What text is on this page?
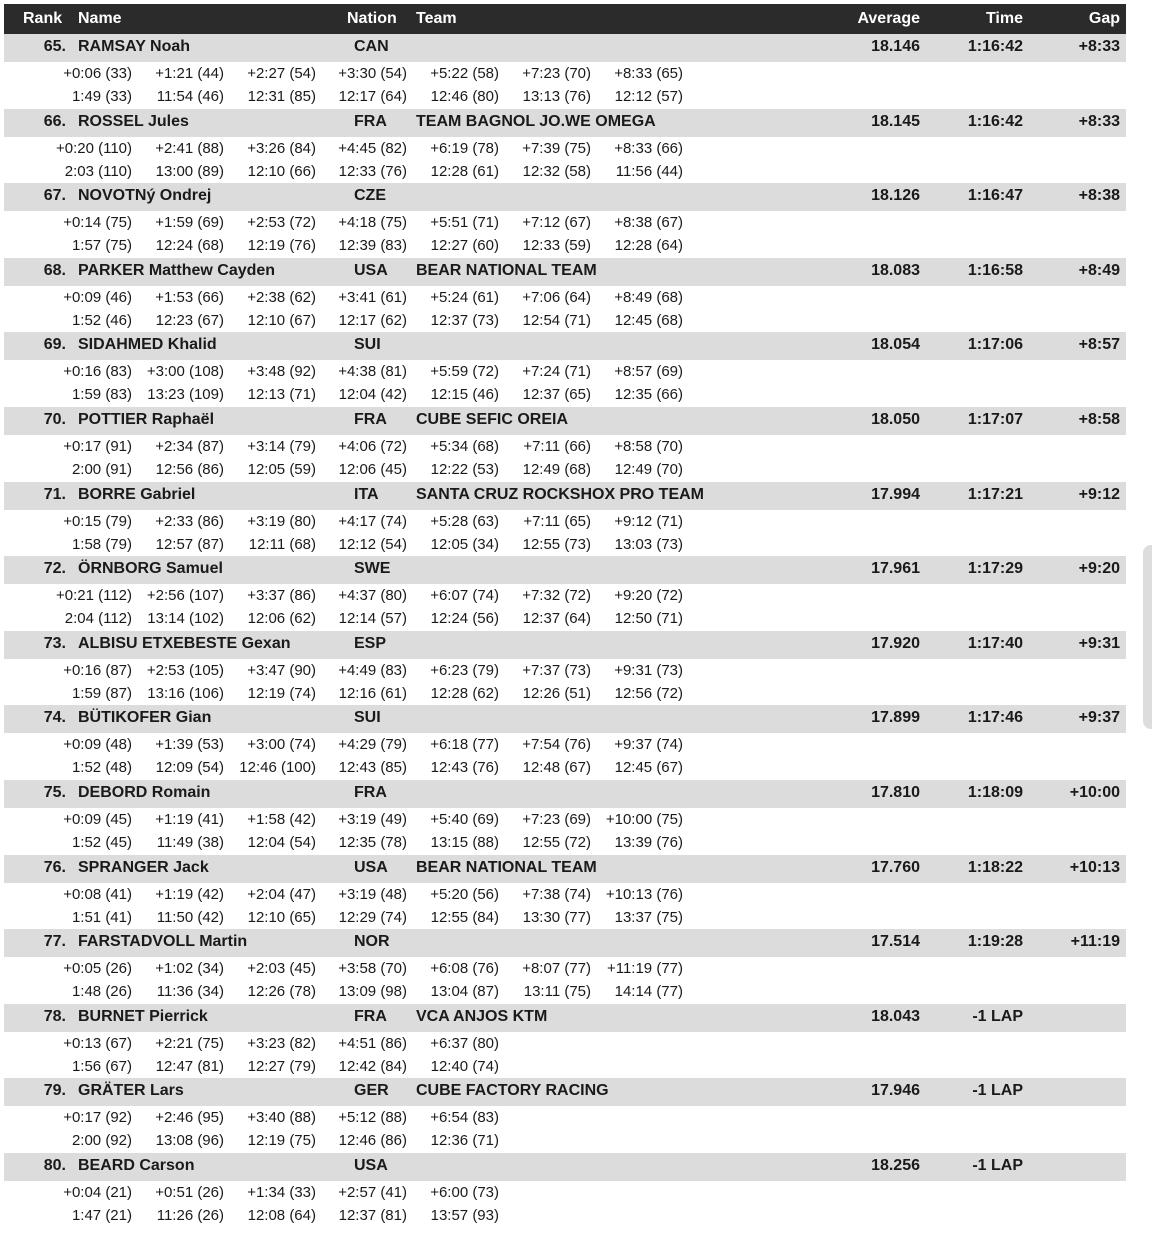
Rank Name	Nation Team	Average	Time	Gap
65. RAMSAY Noah	CAN	18.146	1:16:42	+8:33
+0:06 (33)	+1:21 (44)	+2:27 (54)	+3:30 (54)	+5:22 (58)	+7:23 (70)	+8:33 (65)
1:49 (33)	11:54 (46)	12:31 (85)	12:17 (64)	12:46 (80)	13:13 (76)	12:12 (57)
66. ROSSEL Jules	FRA TEAM BAGNOL JO.WE OMEGA	18.145	1:16:42	+8:33
+0:20 (110)	+2:41 (88)	+3:26 (84)	+4:45 (82)	+6:19 (78)	+7:39 (75)	+8:33 (66)
2:03 (110)	13:00 (89)	12:10 (66)	12:33 (76)	12:28 (61)	12:32 (58)	11:56 (44)
67. NOVOTNý Ondrej	CZE	18.126	1:16:47	+8:38
+0:14 (75)	+1:59 (69)	+2:53 (72)	+4:18 (75)	+5:51 (71)	+7:12 (67)	+8:38 (67)
1:57 (75)	12:24 (68)	12:19 (76)	12:39 (83)	12:27 (60)	12:33 (59)	12:28 (64)
68. PARKER Matthew Cayden	USA BEAR NATIONAL TEAM	18.083	1:16:58	+8:49
+0:09 (46)	+1:53 (66)	+2:38 (62)	+3:41 (61)	+5:24 (61)	+7:06 (64)	+8:49 (68)
1:52 (46)	12:23 (67)	12:10 (67)	12:17 (62)	12:37 (73)	12:54 (71)	12:45 (68)
69. SIDAHMED Khalid	SUI	18.054	1:17:06	+8:57
+0:16 (83) +3:00 (108)	+3:48 (92)	+4:38 (81)	+5:59 (72)	+7:24 (71)	+8:57 (69)
1:59 (83)	13:23 (109)	12:13 (71)	12:04 (42)	12:15 (46)	12:37 (65)	12:35 (66)
70. POTTIER Raphaël	FRA CUBE SEFIC OREIA	18.050	1:17:07	+8:58
+0:17 (91)	+2:34 (87)	+3:14 (79)	+4:06 (72)	+5:34 (68)	+7:11 (66)	+8:58 (70)
2:00 (91)	12:56 (86)	12:05 (59)	12:06 (45)	12:22 (53)	12:49 (68)	12:49 (70)
71. BORRE Gabriel	ITA SANTA CRUZ ROCKSHOX PRO TEAM	17.994	1:17:21	+9:12
+0:15 (79)	+2:33 (86)	+3:19 (80)	+4:17 (74)	+5:28 (63)	+7:11 (65)	+9:12 (71)
1:58 (79)	12:57 (87)	12:11 (68)	12:12 (54)	12:05 (34)	12:55 (73)	13:03 (73)
72. ÖRNBORG Samuel	SWE	17.961	1:17:29	+9:20
+0:21 (112) +2:56 (107)	+3:37 (86)	+4:37 (80)	+6:07 (74)	+7:32 (72)	+9:20 (72)
2:04 (112)	13:14 (102)	12:06 (62)	12:14 (57)	12:24 (56)	12:37 (64)	12:50 (71)
73. ALBISU ETXEBESTE Gexan	ESP	17.920	1:17:40	+9:31
+0:16 (87) +2:53 (105)	+3:47 (90)	+4:49 (83)	+6:23 (79)	+7:37 (73)	+9:31 (73)
1:59 (87)	13:16 (106)	12:19 (74)	12:16 (61)	12:28 (62)	12:26 (51)	12:56 (72)
74. BÜTIKOFER Gian	SUI	17.899	1:17:46	+9:37
+0:09 (48)	+1:39 (53)	+3:00 (74)	+4:29 (79)	+6:18 (77)	+7:54 (76)	+9:37 (74)
1:52 (48)	12:09 (54)	12:46 (100)	12:43 (85)	12:43 (76)	12:48 (67)	12:45 (67)
75. DEBORD Romain	FRA	17.810	1:18:09	+10:00
+0:09 (45)	+1:19 (41)	+1:58 (42)	+3:19 (49)	+5:40 (69)	+7:23 (69) +10:00 (75)
1:52 (45)	11:49 (38)	12:04 (54)	12:35 (78)	13:15 (88)	12:55 (72)	13:39 (76)
76. SPRANGER Jack	USA BEAR NATIONAL TEAM	17.760	1:18:22	+10:13
+0:08 (41)	+1:19 (42)	+2:04 (47)	+3:19 (48)	+5:20 (56)	+7:38 (74) +10:13 (76)
1:51 (41)	11:50 (42)	12:10 (65)	12:29 (74)	12:55 (84)	13:30 (77)	13:37 (75)
77. FARSTADVOLL Martin	NOR	17.514	1:19:28	+11:19
+0:05 (26)	+1:02 (34)	+2:03 (45)	+3:58 (70)	+6:08 (76)	+8:07 (77)	+11:19 (77)
1:48 (26)	11:36 (34)	12:26 (78)	13:09 (98)	13:04 (87)	13:11 (75)	14:14 (77)
78. BURNET Pierrick	FRA VCA ANJOS KTM	18.043	-1 LAP
+0:13 (67)	+2:21 (75)	+3:23 (82)	+4:51 (86)	+6:37 (80)
1:56 (67)	12:47 (81)	12:27 (79)	12:42 (84)	12:40 (74)
79. GRÄTER Lars	GER CUBE FACTORY RACING	17.946	-1 LAP
+0:17 (92)	+2:46 (95)	+3:40 (88)	+5:12 (88)	+6:54 (83)
2:00 (92)	13:08 (96)	12:19 (75)	12:46 (86)	12:36 (71)
80. BEARD Carson	USA	18.256	-1 LAP
+0:04 (21)	+0:51 (26)	+1:34 (33)	+2:57 (41)	+6:00 (73)
1:47 (21)	11:26 (26)	12:08 (64)	12:37 (81)	13:57 (93)
